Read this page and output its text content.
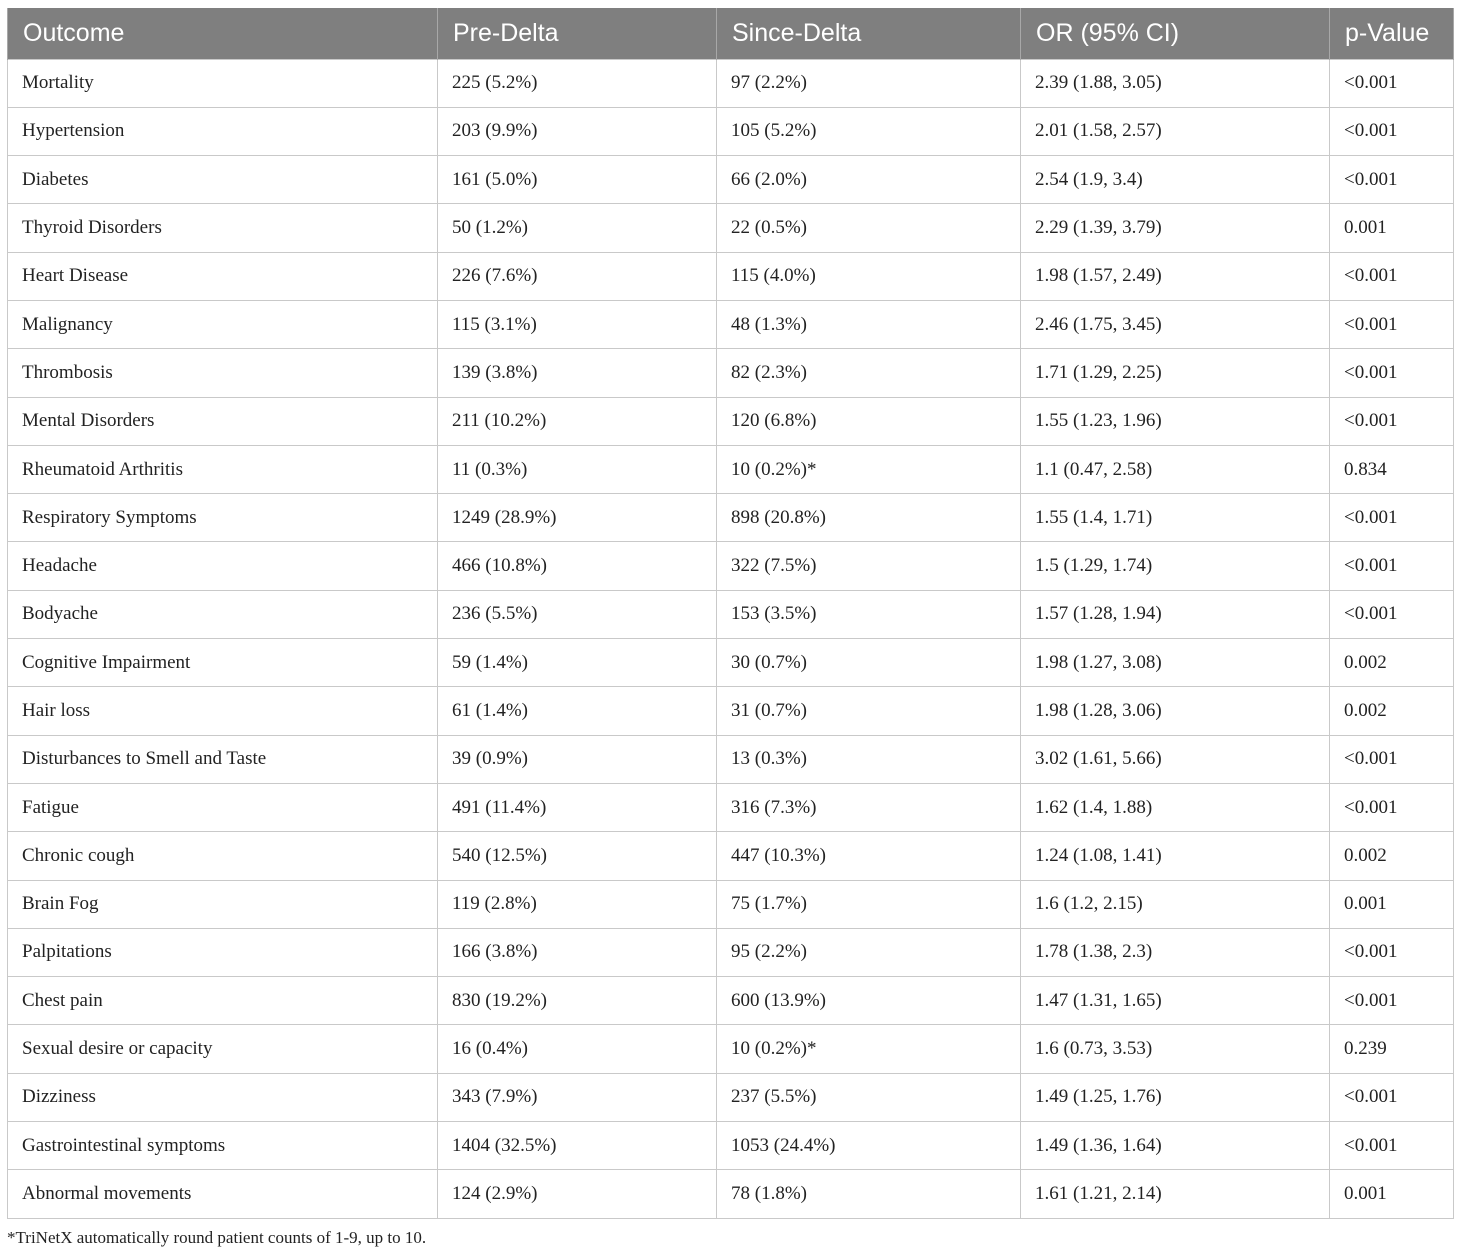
Outcome	Pre-Delta	Since-Delta	OR (95% CI)	p-Value
Mortality	225 (5.2%)	97 (2.2%)	2.39 (1.88, 3.05)	<0.001
Hypertension	203 (9.9%)	105 (5.2%)	2.01 (1.58, 2.57)	<0.001
Diabetes	161 (5.0%)	66 (2.0%)	2.54 (1.9, 3.4)	<0.001
Thyroid Disorders	50 (1.2%)	22 (0.5%)	2.29 (1.39, 3.79)	0.001
Heart Disease	226 (7.6%)	115 (4.0%)	1.98 (1.57, 2.49)	<0.001
Malignancy	115 (3.1%)	48 (1.3%)	2.46 (1.75, 3.45)	<0.001
Thrombosis	139 (3.8%)	82 (2.3%)	1.71 (1.29, 2.25)	<0.001
Mental Disorders	211 (10.2%)	120 (6.8%)	1.55 (1.23, 1.96)	<0.001
Rheumatoid Arthritis	11 (0.3%)	10 (0.2%)*	1.1 (0.47, 2.58)	0.834
Respiratory Symptoms	1249 (28.9%)	898 (20.8%)	1.55 (1.4, 1.71)	<0.001
Headache	466 (10.8%)	322 (7.5%)	1.5 (1.29, 1.74)	<0.001
Bodyache	236 (5.5%)	153 (3.5%)	1.57 (1.28, 1.94)	<0.001
Cognitive Impairment	59 (1.4%)	30 (0.7%)	1.98 (1.27, 3.08)	0.002
Hair loss	61 (1.4%)	31 (0.7%)	1.98 (1.28, 3.06)	0.002
Disturbances to Smell and Taste	39 (0.9%)	13 (0.3%)	3.02 (1.61, 5.66)	<0.001
Fatigue	491 (11.4%)	316 (7.3%)	1.62 (1.4, 1.88)	<0.001
Chronic cough	540 (12.5%)	447 (10.3%)	1.24 (1.08, 1.41)	0.002
Brain Fog	119 (2.8%)	75 (1.7%)	1.6 (1.2, 2.15)	0.001
Palpitations	166 (3.8%)	95 (2.2%)	1.78 (1.38, 2.3)	<0.001
Chest pain	830 (19.2%)	600 (13.9%)	1.47 (1.31, 1.65)	<0.001
Sexual desire or capacity	16 (0.4%)	10 (0.2%)*	1.6 (0.73, 3.53)	0.239
Dizziness	343 (7.9%)	237 (5.5%)	1.49 (1.25, 1.76)	<0.001
Gastrointestinal symptoms	1404 (32.5%)	1053 (24.4%)	1.49 (1.36, 1.64)	<0.001
Abnormal movements	124 (2.9%)	78 (1.8%)	1.61 (1.21, 2.14)	0.001
*TriNetX automatically round patient counts of 1-9, up to 10.
